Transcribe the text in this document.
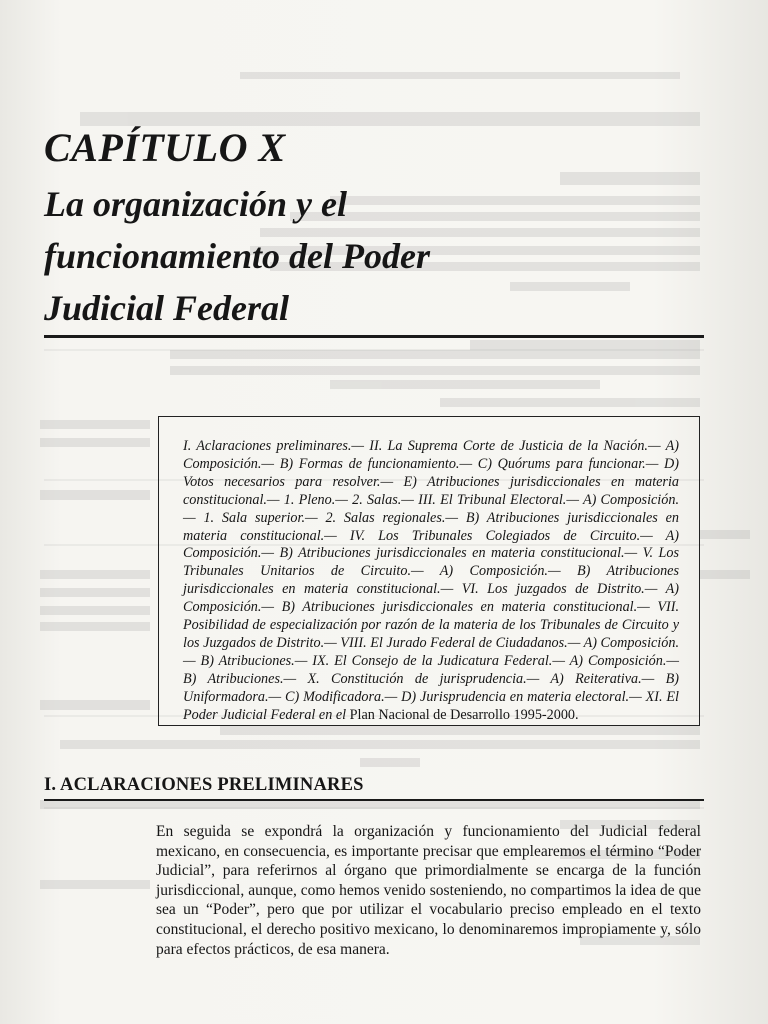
CAPÍTULO X
La organización y el
funcionamiento del Poder
Judicial Federal
I. Aclaraciones preliminares.— II. La Suprema Corte de Justicia de la Nación.— A) Composición.— B) Formas de funcionamiento.— C) Quórums para funcionar.— D) Votos necesarios para resolver.— E) Atribuciones jurisdiccionales en materia constitucional.— 1. Pleno.— 2. Salas.— III. El Tribunal Electoral.— A) Composición.— 1. Sala superior.— 2. Salas regionales.— B) Atribuciones jurisdiccionales en materia constitucional.— IV. Los Tribunales Colegiados de Circuito.— A) Composición.— B) Atribuciones jurisdiccionales en materia constitucional.— V. Los Tribunales Unitarios de Circuito.— A) Composición.— B) Atribuciones jurisdiccionales en materia constitucional.— VI. Los juzgados de Distrito.— A) Composición.— B) Atribuciones jurisdiccionales en materia constitucional.— VII. Posibilidad de especialización por razón de la materia de los Tribunales de Circuito y los Juzgados de Distrito.— VIII. El Jurado Federal de Ciudadanos.— A) Composición.— B) Atribuciones.— IX. El Consejo de la Judicatura Federal.— A) Composición.— B) Atribuciones.— X. Constitución de jurisprudencia.— A) Reiterativa.— B) Uniformadora.— C) Modificadora.— D) Jurisprudencia en materia electoral.— XI. El Poder Judicial Federal en el Plan Nacional de Desarrollo 1995-2000.
I. ACLARACIONES PRELIMINARES
En seguida se expondrá la organización y funcionamiento del Judicial federal mexicano, en consecuencia, es importante precisar que emplearemos el término “Poder Judicial”, para referirnos al órgano que primordialmente se encarga de la función jurisdiccional, aunque, como hemos venido sosteniendo, no compartimos la idea de que sea un “Poder”, pero que por utilizar el vocabulario preciso empleado en el texto constitucional, el derecho positivo mexicano, lo denominaremos impropiamente y, sólo para efectos prácticos, de esa manera.
